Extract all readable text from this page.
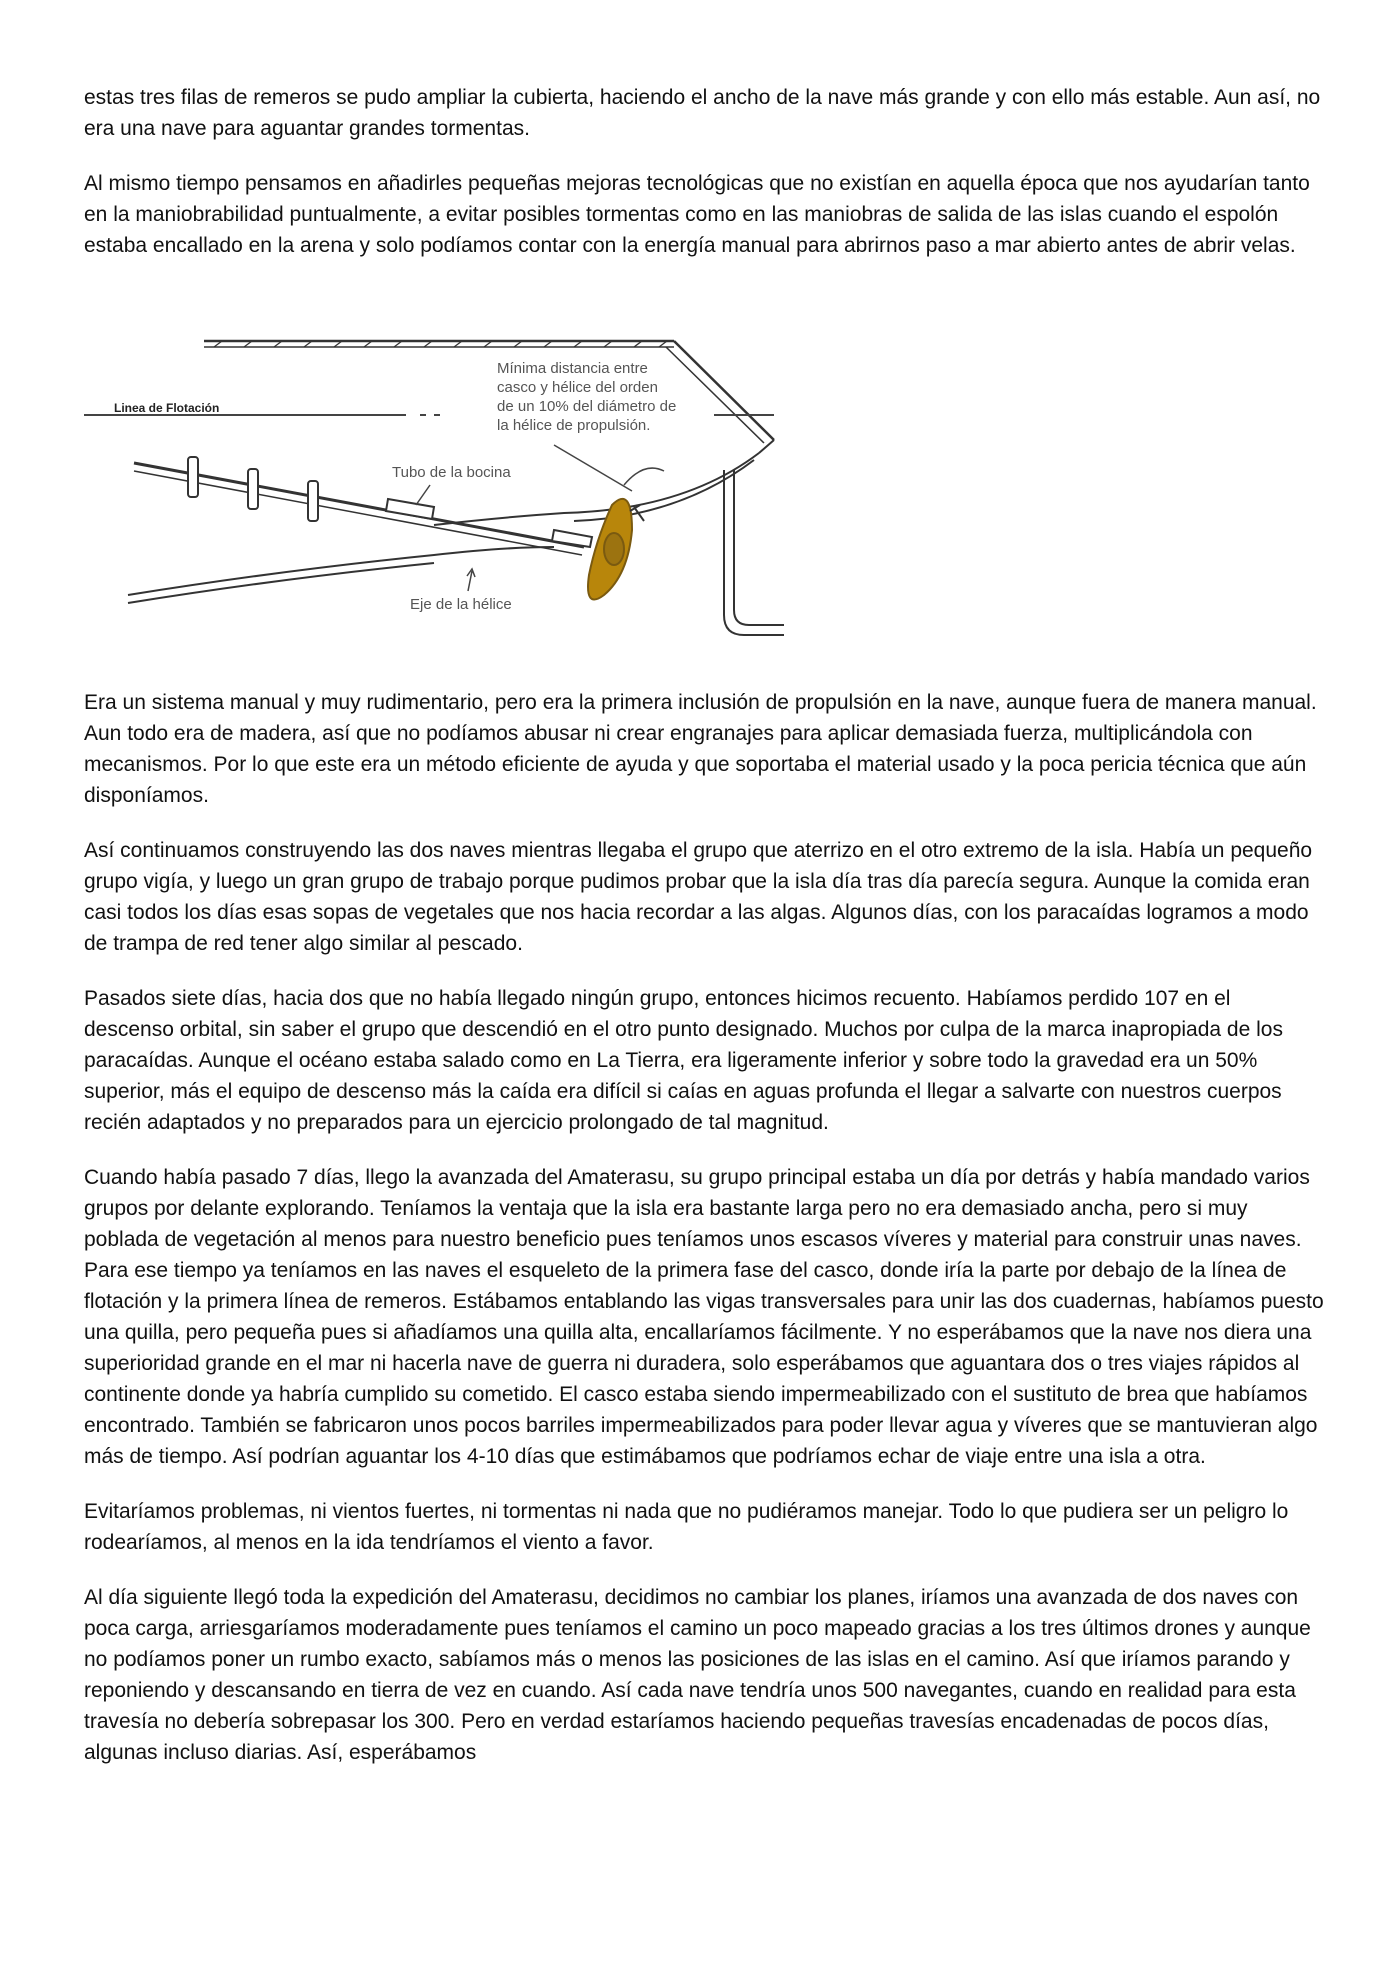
estas tres filas de remeros se pudo ampliar la cubierta, haciendo el ancho de la nave más grande y con ello más estable. Aun así, no era una nave para aguantar grandes tormentas.

Al mismo tiempo pensamos en añadirles pequeñas mejoras tecnológicas que no existían en aquella época que nos ayudarían tanto en la maniobrabilidad puntualmente, a evitar posibles tormentas como en las maniobras de salida de las islas cuando el espolón estaba encallado en la arena y solo podíamos contar con la energía manual para abrirnos paso a mar abierto antes de abrir velas.

Linea de Flotación
Mínima distancia entre
casco y hélice del orden
de un 10% del diámetro de
la hélice de propulsión.
Tubo de la bocina
Eje de la hélice

Era un sistema manual y muy rudimentario, pero era la primera inclusión de propulsión en la nave, aunque fuera de manera manual. Aun todo era de madera, así que no podíamos abusar ni crear engranajes para aplicar demasiada fuerza, multiplicándola con mecanismos. Por lo que este era un método eficiente de ayuda y que soportaba el material usado y la poca pericia técnica que aún disponíamos.

Así continuamos construyendo las dos naves mientras llegaba el grupo que aterrizo en el otro extremo de la isla. Había un pequeño grupo vigía, y luego un gran grupo de trabajo porque pudimos probar que la isla día tras día parecía segura. Aunque la comida eran casi todos los días esas sopas de vegetales que nos hacia recordar a las algas. Algunos días, con los paracaídas logramos a modo de trampa de red tener algo similar al pescado.

Pasados siete días, hacia dos que no había llegado ningún grupo, entonces hicimos recuento. Habíamos perdido 107 en el descenso orbital, sin saber el grupo que descendió en el otro punto designado. Muchos por culpa de la marca inapropiada de los paracaídas. Aunque el océano estaba salado como en La Tierra, era ligeramente inferior y sobre todo la gravedad era un 50% superior, más el equipo de descenso más la caída era difícil si caías en aguas profunda el llegar a salvarte con nuestros cuerpos recién adaptados y no preparados para un ejercicio prolongado de tal magnitud.

Cuando había pasado 7 días, llego la avanzada del Amaterasu, su grupo principal estaba un día por detrás y había mandado varios grupos por delante explorando. Teníamos la ventaja que la isla era bastante larga pero no era demasiado ancha, pero si muy poblada de vegetación al menos para nuestro beneficio pues teníamos unos escasos víveres y material para construir unas naves. Para ese tiempo ya teníamos en las naves el esqueleto de la primera fase del casco, donde iría la parte por debajo de la línea de flotación y la primera línea de remeros. Estábamos entablando las vigas transversales para unir las dos cuadernas, habíamos puesto una quilla, pero pequeña pues si añadíamos una quilla alta, encallaríamos fácilmente. Y no esperábamos que la nave nos diera una superioridad grande en el mar ni hacerla nave de guerra ni duradera, solo esperábamos que aguantara dos o tres viajes rápidos al continente donde ya habría cumplido su cometido. El casco estaba siendo impermeabilizado con el sustituto de brea que habíamos encontrado. También se fabricaron unos pocos barriles impermeabilizados para poder llevar agua y víveres que se mantuvieran algo más de tiempo. Así podrían aguantar los 4-10 días que estimábamos que podríamos echar de viaje entre una isla a otra.

Evitaríamos problemas, ni vientos fuertes, ni tormentas ni nada que no pudiéramos manejar. Todo lo que pudiera ser un peligro lo rodearíamos, al menos en la ida tendríamos el viento a favor.

Al día siguiente llegó toda la expedición del Amaterasu, decidimos no cambiar los planes, iríamos una avanzada de dos naves con poca carga, arriesgaríamos moderadamente pues teníamos el camino un poco mapeado gracias a los tres últimos drones y aunque no podíamos poner un rumbo exacto, sabíamos más o menos las posiciones de las islas en el camino. Así que iríamos parando y reponiendo y descansando en tierra de vez en cuando. Así cada nave tendría unos 500 navegantes, cuando en realidad para esta travesía no debería sobrepasar los 300. Pero en verdad estaríamos haciendo pequeñas travesías encadenadas de pocos días, algunas incluso diarias. Así, esperábamos
